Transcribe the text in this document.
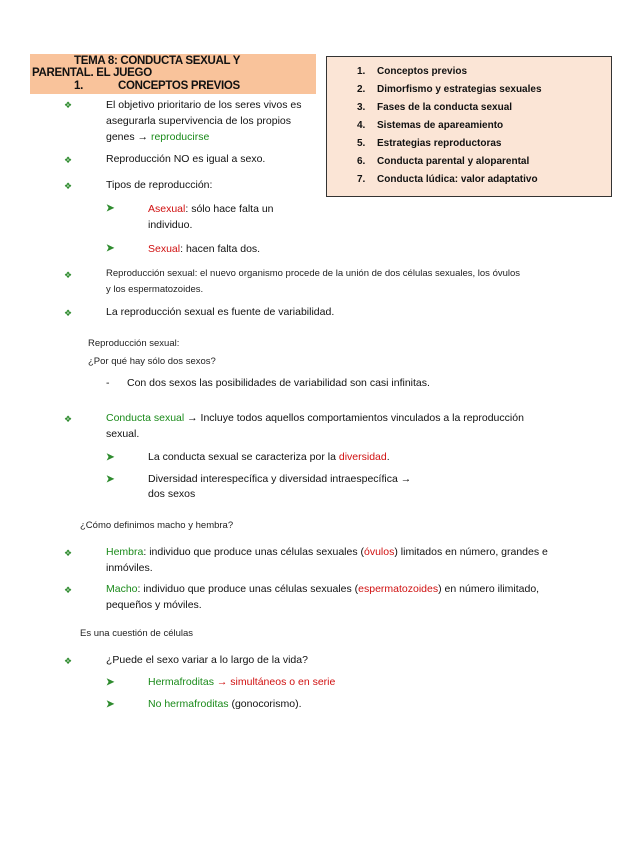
TEMA 8: CONDUCTA SEXUAL Y
PARENTAL. EL JUEGO
1.	CONCEPTOS PREVIOS
1. Conceptos previos
2. Dimorfismo y estrategias sexuales
3. Fases de la conducta sexual
4. Sistemas de apareamiento
5. Estrategias reproductoras
6. Conducta parental y aloparental
7. Conducta lúdica: valor adaptativo
❖	El objetivo prioritario de los seres vivos es
asegurarla supervivencia de los propios
genes → reproducirse
❖	Reproducción NO es igual a sexo.
❖	Tipos de reproducción:
➤	Asexual: sólo hace falta un
individuo.
➤	Sexual: hacen falta dos.
❖	Reproducción sexual: el nuevo organismo procede de la unión de dos células sexuales, los óvulos
y los espermatozoides.
❖	La reproducción sexual es fuente de variabilidad.
Reproducción sexual:
¿Por qué hay sólo dos sexos?
- Con dos sexos las posibilidades de variabilidad son casi infinitas.
❖	Conducta sexual → Incluye todos aquellos comportamientos vinculados a la reproducción
sexual.
➤	La conducta sexual se caracteriza por la diversidad.
➤	Diversidad interespecífica y diversidad intraespecífica →
dos sexos
¿Cómo definimos macho y hembra?
❖	Hembra: individuo que produce unas células sexuales (óvulos) limitados en número, grandes e
inmóviles.
❖	Macho: individuo que produce unas células sexuales (espermatozoides) en número ilimitado,
pequeños y móviles.
Es una cuestión de células
❖	¿Puede el sexo variar a lo largo de la vida?
➤	Hermafroditas → simultáneos o en serie
➤	No hermafroditas (gonocorismo).
